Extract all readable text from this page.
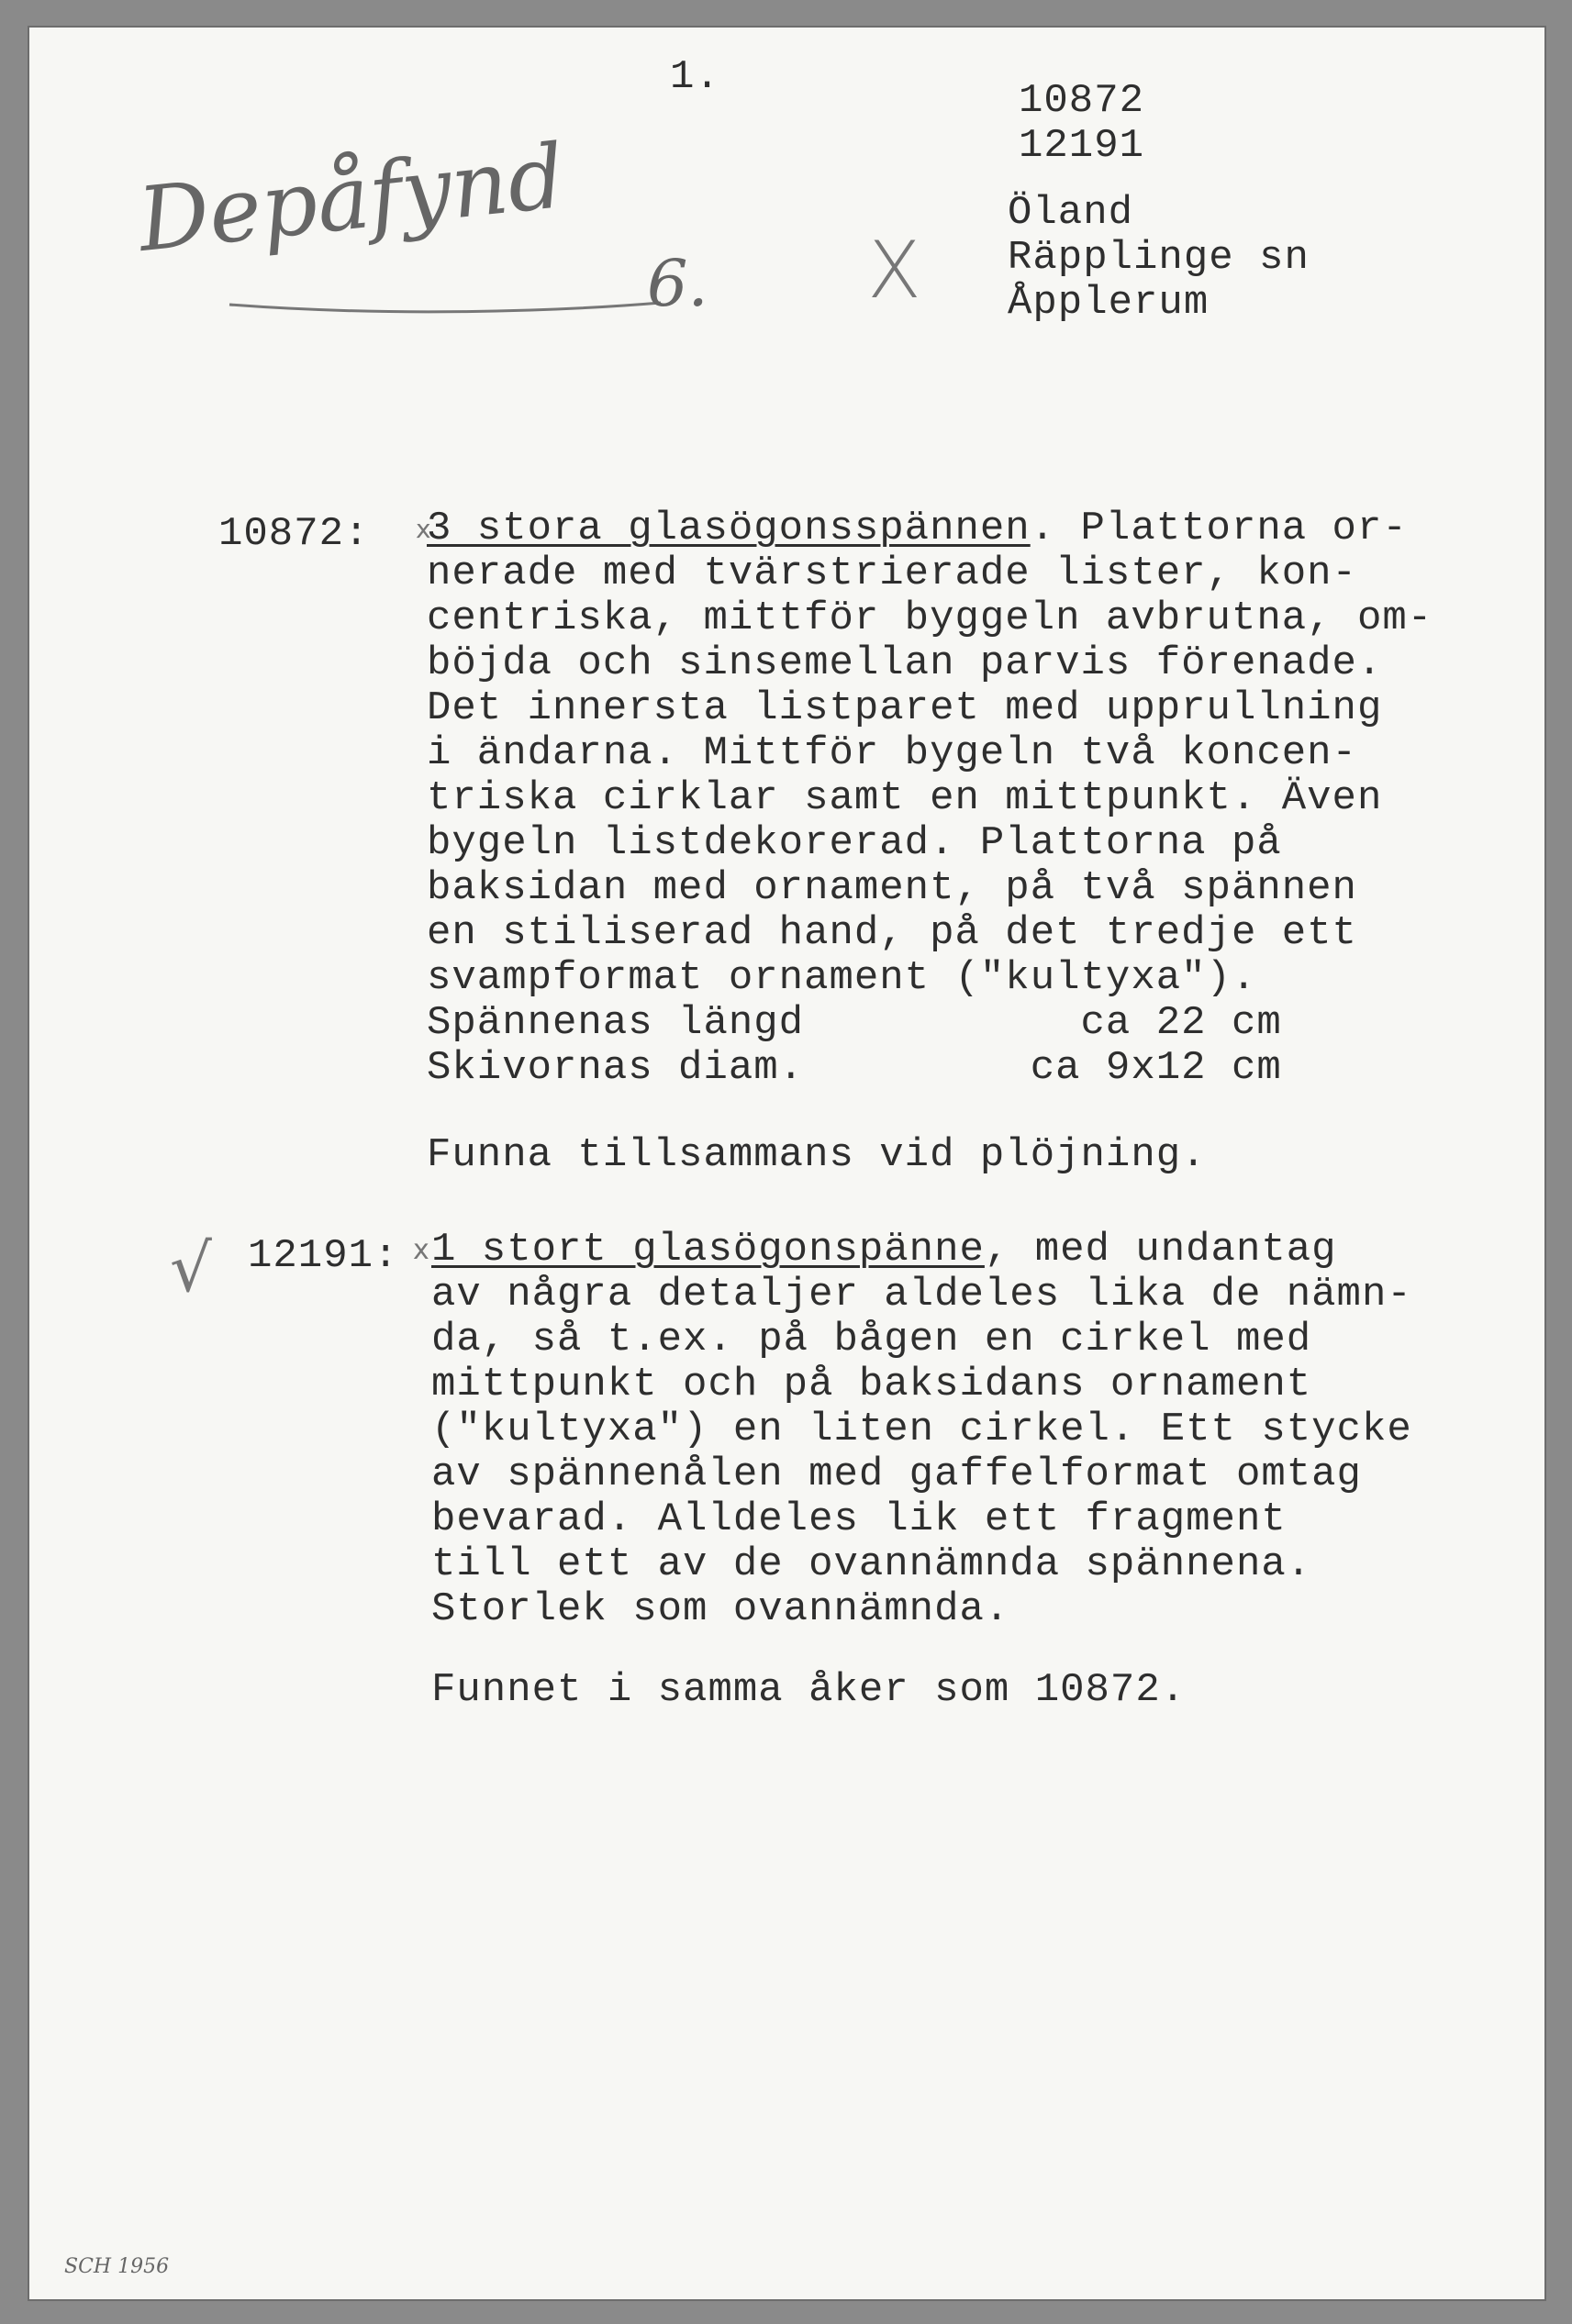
1.
10872
12191
Öland
Räpplinge sn
Åpplerum
Depåfynd
6. X
10872: x
3 stora glasögonsspännen. Plattorna or-
nerade med tvärstrierade lister, kon-
centriska, mittför byggeln avbrutna, om-
böjda och sinsemellan parvis förenade.
Det innersta listparet med upprullning
i ändarna. Mittför bygeln två koncen-
triska cirklar samt en mittpunkt. Även
bygeln listdekorerad. Plattorna på
baksidan med ornament, på två spännen
en stiliserad hand, på det tredje ett
svampformat ornament ("kultyxa").
Spännenas längd           ca 22 cm
Skivornas diam.         ca 9x12 cm
Funna tillsammans vid plöjning.
√ 12191: x 1 stort glasögonspänne, med undantag
av några detaljer aldeles lika de nämn-
da, så t.ex. på bågen en cirkel med
mittpunkt och på baksidans ornament
("kultyxa") en liten cirkel. Ett stycke
av spännenålen med gaffelformat omtag
bevarad. Alldeles lik ett fragment
till ett av de ovannämnda spännena.
Storlek som ovannämnda.
Funnet i samma åker som 10872.
SCH 1956
